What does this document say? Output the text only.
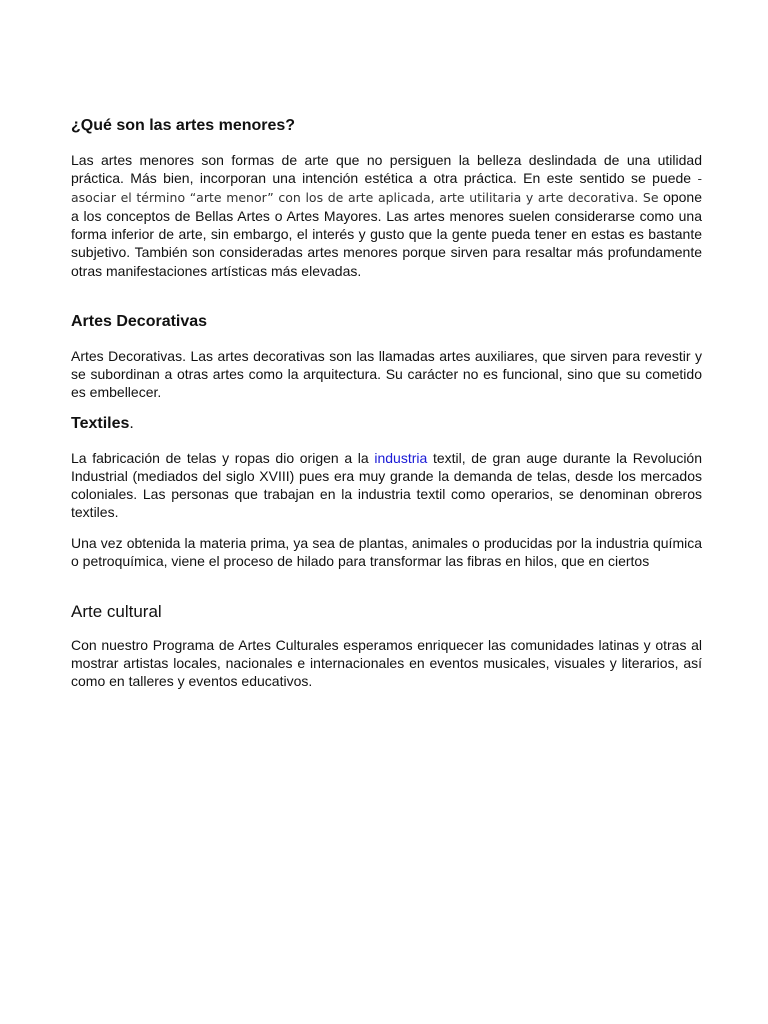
¿Qué son las artes menores?

Las artes menores son formas de arte que no persiguen la belleza deslindada de una utilidad práctica. Más bien, incorporan una intención estética a otra práctica. En este sentido se puede -asociar el término “arte menor” con los de arte aplicada, arte utilitaria y arte decorativa. Se opone a los conceptos de Bellas Artes o Artes Mayores. Las artes menores suelen considerarse como una forma inferior de arte, sin embargo, el interés y gusto que la gente pueda tener en estas es bastante subjetivo. También son consideradas artes menores porque sirven para resaltar más profundamente otras manifestaciones artísticas más elevadas.

Artes Decorativas

Artes Decorativas. Las artes decorativas son las llamadas artes auxiliares, que sirven para revestir y se subordinan a otras artes como la arquitectura. Su carácter no es funcional, sino que su cometido es embellecer.

Textiles.

La fabricación de telas y ropas dio origen a la industria textil, de gran auge durante la Revolución Industrial (mediados del siglo XVIII) pues era muy grande la demanda de telas, desde los mercados coloniales. Las personas que trabajan en la industria textil como operarios, se denominan obreros textiles.

Una vez obtenida la materia prima, ya sea de plantas, animales o producidas por la industria química o petroquímica, viene el proceso de hilado para transformar las fibras en hilos, que en ciertos

Arte cultural

Con nuestro Programa de Artes Culturales esperamos enriquecer las comunidades latinas y otras al mostrar artistas locales, nacionales e internacionales en eventos musicales, visuales y literarios, así como en talleres y eventos educativos.
